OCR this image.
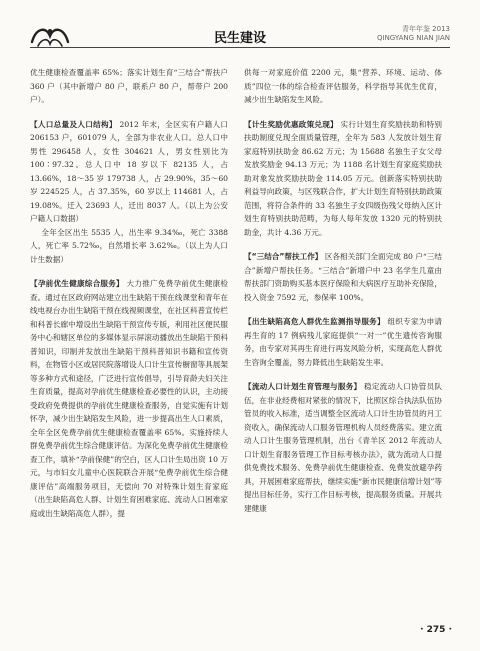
民生建设
青年年鉴 2013
QINGYANG NIAN JIAN

优生健康检查覆盖率 65%；落实计划生育“三结合”帮扶户 360 户（其中新增户 80 户，联系户 80 户，帮带户 200 户）。

【人口总量及人口结构】 2012 年末，全区实有户籍人口 206153 户，601079 人，全部为非农业人口。总人口中男性 296458 人，女性 304621 人，男女性别比为 100∶97.32。总人口中 18 岁以下 82135 人，占 13.66%，18～35 岁 179738 人，占 29.90%，35～60 岁 224525 人，占 37.35%，60 岁以上 114681 人，占 19.08%。迁入 23693 人，迁出 8037 人。（以上为公安户籍人口数据）

全年全区出生 5535 人，出生率 9.34‰，死亡 3388 人，死亡率 5.72‰，自然增长率 3.62‰。（以上为人口计生数据）

【孕前优生健康综合服务】 大力推广免费孕前优生健康检查。通过在区政府网站建立出生缺陷干预在线课堂和青年在线电视台办出生缺陷干预在线视频课堂，在社区科普宣传栏和科普长廊中增设出生缺陷干预宣传专版，利用社区便民服务中心和辖区单位的多媒体显示屏滚动播放出生缺陷干预科普知识，印制并发放出生缺陷干预科普知识书籍和宣传资料，在物管小区或居民院落增设人口计生宣传橱窗等具展架等多种方式和途径，广泛进行宣传倡导，引导育龄夫妇关注生育质量，提高对孕前优生健康检查必要性的认识，主动接受政府免费提供的孕前优生健康检查服务，自觉实施有计划怀孕，减少出生缺陷发生风险，进一步提高出生人口素质，全年全区免费孕前优生健康检查覆盖率 65%。实施持续人群免费孕前优生综合健康评估。为深化免费孕前优生健康检查工作，填补“孕前保健”的空白，区人口计生局出资 10 万元，与市妇女儿童中心医院联合开展“免费孕前优生综合健康评估”高端服务项目，无偿向 70 对特殊计划生育家庭（出生缺陷高危人群、计划生育困难家庭、流动人口困难家庭或出生缺陷高危人群），提

供每一对家庭价值 2200 元，集“营养、环境、运动、体质”四位一体的综合检查评估服务，科学指导其优生优育，减少出生缺陷发生风险。

【计生奖励优惠政策兑现】 实行计划生育奖励扶助和特别扶助制度兑现全面质量管理，全年为 583 人发放计划生育家庭特别扶助金 86.62 万元；为 15688 名独生子女父母发放奖励金 94.13 万元；为 1188 名计划生育家庭奖励扶助对象发放奖励扶助金 114.05 万元。创新落实特别扶助利益导向政策，与区残联合作，扩大计划生育特别扶助政策范围，将符合条件的 33 名独生子女四级伤残父母纳入区计划生育特别扶助范畴，为每人每年发放 1320 元的特别扶助金，共计 4.36 万元。

【“三结合”帮扶工作】 区各相关部门全面完成 80 户“三结合”新增户帮扶任务。“三结合”新增户中 23 名学生几童由帮扶部门资助购买基本医疗保险和大病医疗互助补充保险，投入资金 7592 元，参保率 100%。

【出生缺陷高危人群优生监测指导服务】 组织专家为申请再生育的 17 例病残儿家庭提供“一对一”优生遗传咨询服务，由专家对其再生育进行再发风险分析，实现高危人群优生咨询全覆盖，努力降低出生缺陷发生率。

【流动人口计划生育管理与服务】 稳定流动人口协管员队伍，在非业经费相对紧张的情况下，比照区综合执法队伍协管员的收入标准，适当调整全区流动人口计生协管员的月工资收入，确保流动人口服务管理机构人员经费落实。建立流动人口计生服务管理机制，出台《青羊区 2012 年流动人口计划生育服务管理工作目标考核办法》，就为流动人口提供免费技术服务、免费孕前优生健康检查、免费发放避孕药具，开展困难家庭帮扶，继续实施“新市民健康信增计划”等提出目标任务，实行工作目标考核，提高服务质量。开展共建健康

· 275 ·
